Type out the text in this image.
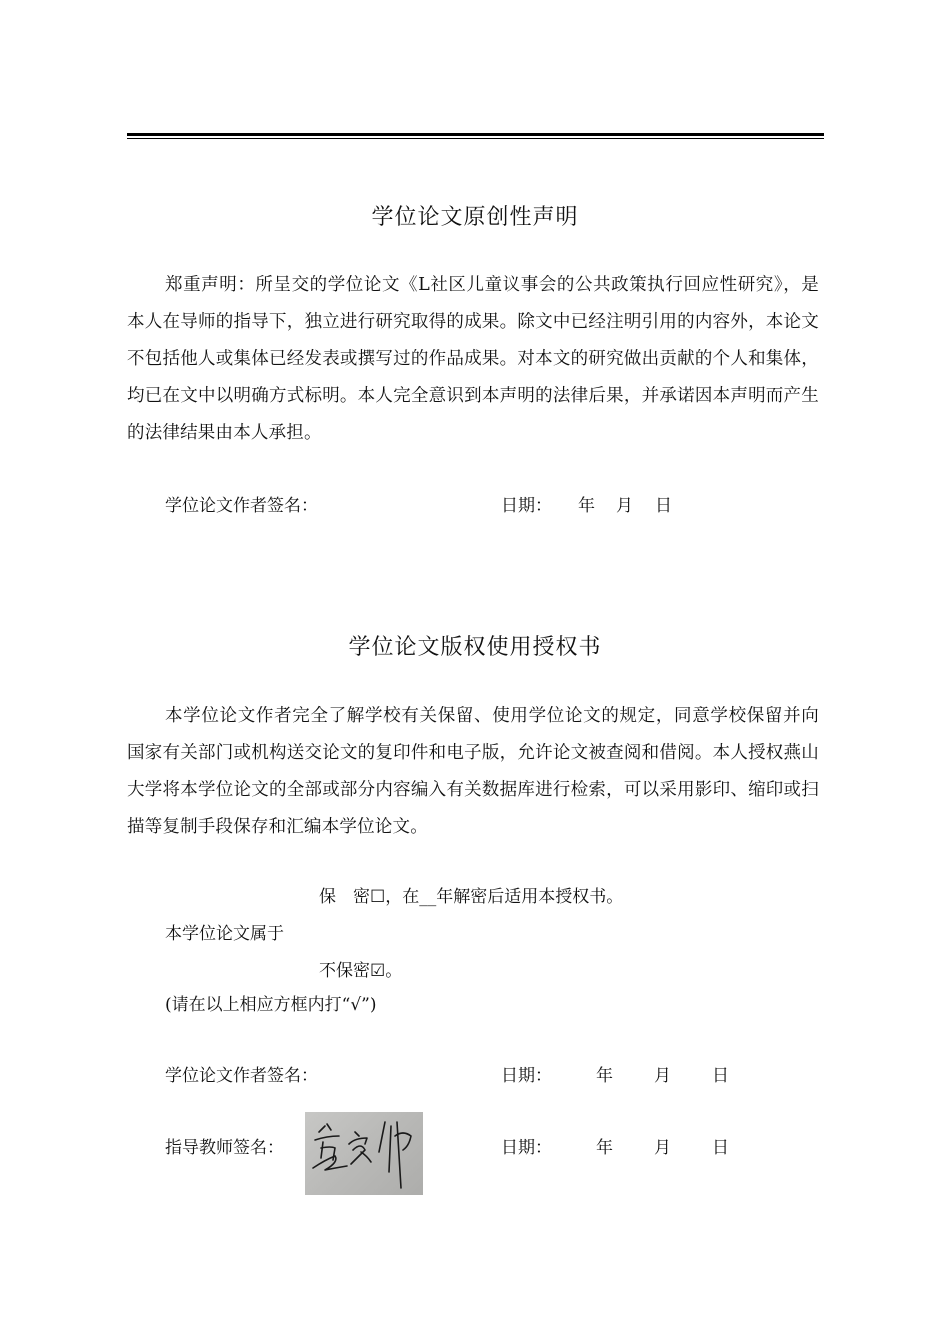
学位论文原创性声明
郑重声明：所呈交的学位论文《L社区儿童议事会的公共政策执行回应性研究》，是本人在导师的指导下，独立进行研究取得的成果。除文中已经注明引用的内容外，本论文不包括他人或集体已经发表或撰写过的作品成果。对本文的研究做出贡献的个人和集体，均已在文中以明确方式标明。本人完全意识到本声明的法律后果，并承诺因本声明而产生的法律结果由本人承担。
学位论文作者签名：	日期： 年 月 日
学位论文版权使用授权书
本学位论文作者完全了解学校有关保留、使用学位论文的规定，同意学校保留并向国家有关部门或机构送交论文的复印件和电子版，允许论文被查阅和借阅。本人授权燕山大学将本学位论文的全部或部分内容编入有关数据库进行检索，可以采用影印、缩印或扫描等复制手段保存和汇编本学位论文。
保　密☐，在__年解密后适用本授权书。
本学位论文属于
不保密☑。
(请在以上相应方框内打“√”)
学位论文作者签名：	日期：	年 月 日
指导教师签名：	日期：	年 月 日
